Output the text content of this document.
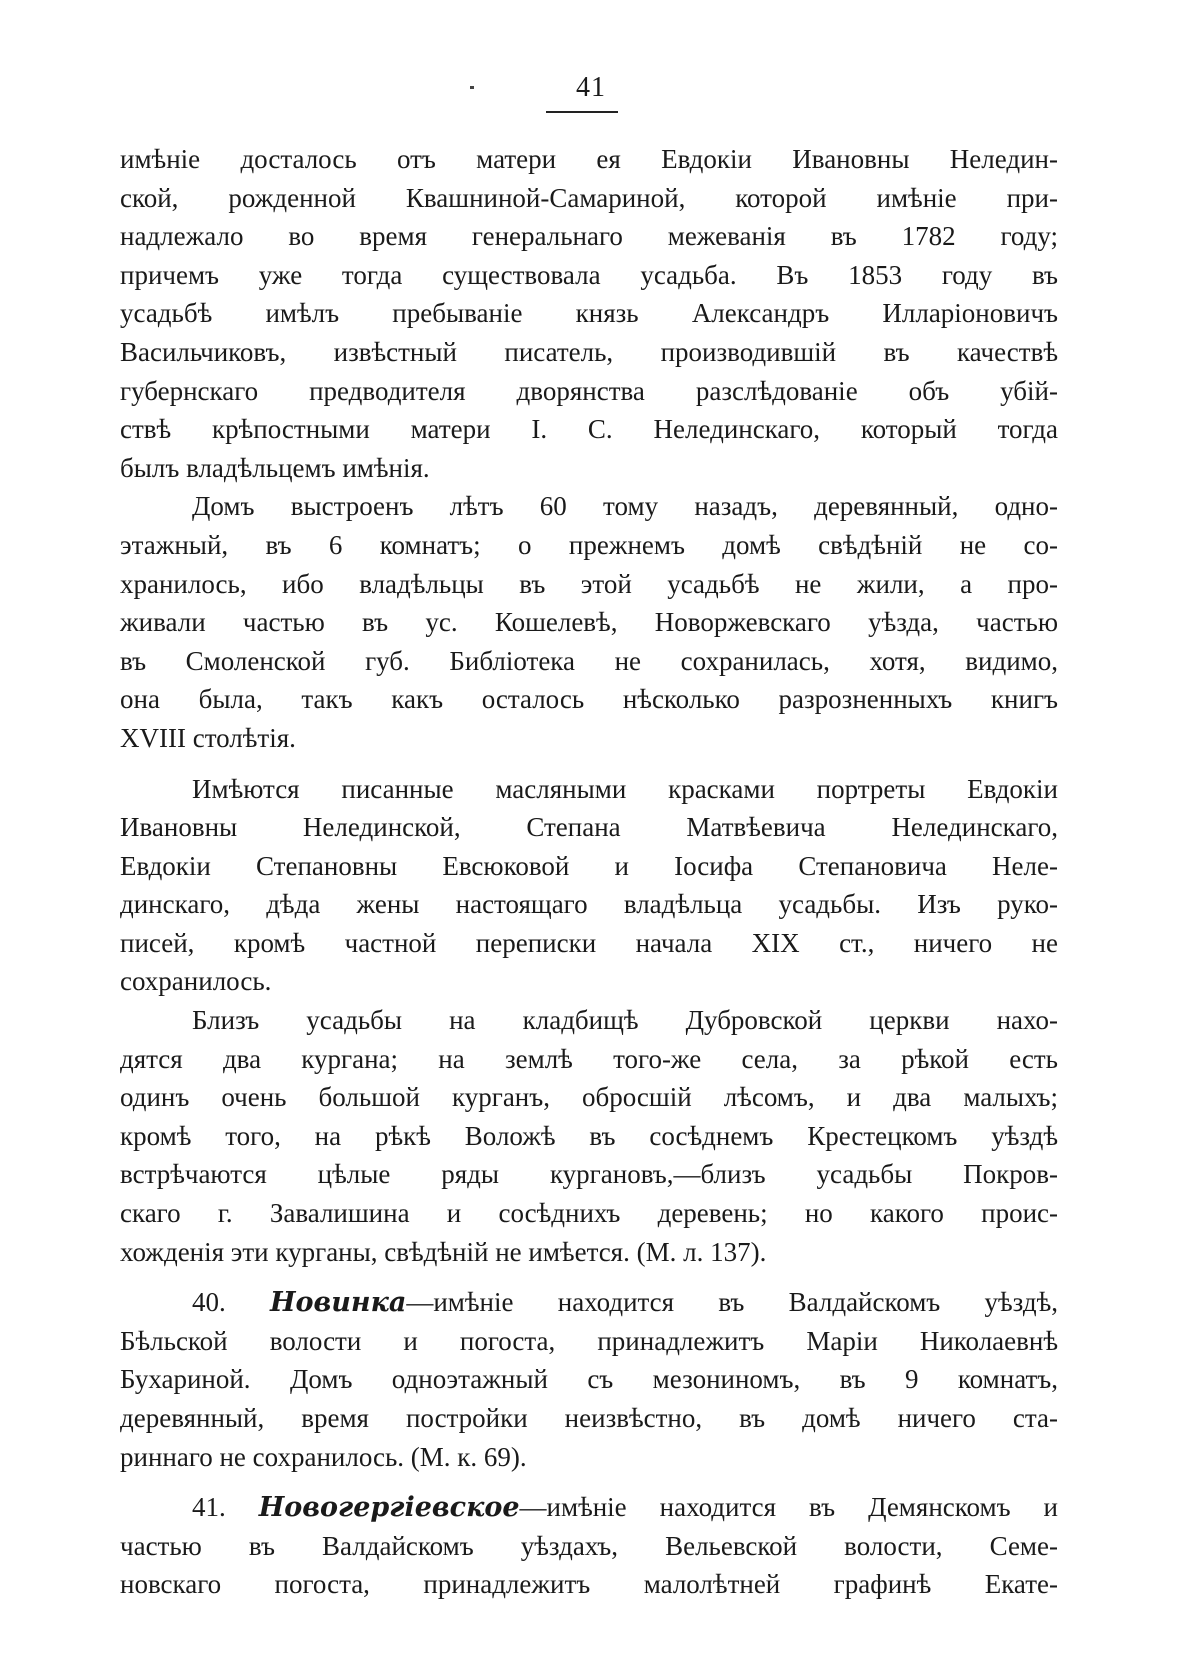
41
имѣніе досталось отъ матери ея Евдокіи Ивановны Неледин-
ской, рожденной Квашниной-Самариной, которой имѣніе при-
надлежало во время генеральнаго межеванія въ 1782 году;
причемъ уже тогда существовала усадьба. Въ 1853 году въ
усадьбѣ имѣлъ пребываніе князь Александръ Илларіоновичъ
Васильчиковъ, извѣстный писатель, производившій въ качествѣ
губернскаго предводителя дворянства разслѣдованіе объ убій-
ствѣ крѣпостными матери І. С. Нелединскаго, который тогда
былъ владѣльцемъ имѣнія.
Домъ выстроенъ лѣтъ 60 тому назадъ, деревянный, одно-
этажный, въ 6 комнатъ; о прежнемъ домѣ свѣдѣній не со-
хранилось, ибо владѣльцы въ этой усадьбѣ не жили, а про-
живали частью въ ус. Кошелевѣ, Новоржевскаго уѣзда, частью
въ Смоленской губ. Библіотека не сохранилась, хотя, видимо,
она была, такъ какъ осталось нѣсколько разрозненныхъ книгъ
XVIII столѣтія.
Имѣются писанные масляными красками портреты Евдокіи
Ивановны Нелединской, Степана Матвѣевича Нелединскаго,
Евдокіи Степановны Евсюковой и Іосифа Степановича Неле-
динскаго, дѣда жены настоящаго владѣльца усадьбы. Изъ руко-
писей, кромѣ частной переписки начала XIX ст., ничего не
сохранилось.
Близъ усадьбы на кладбищѣ Дубровской церкви нахо-
дятся два кургана; на землѣ того-же села, за рѣкой есть
одинъ очень большой курганъ, обросшій лѣсомъ, и два малыхъ;
кромѣ того, на рѣкѣ Воложѣ въ сосѣднемъ Крестецкомъ уѣздѣ
встрѣчаются цѣлые ряды кургановъ,—близъ усадьбы Покров-
скаго г. Завалишина и сосѣднихъ деревень; но какого проис-
хожденія эти курганы, свѣдѣній не имѣется. (М. л. 137).
40. Новинка—имѣніе находится въ Валдайскомъ уѣздѣ,
Бѣльской волости и погоста, принадлежитъ Маріи Николаевнѣ
Бухариной. Домъ одноэтажный съ мезониномъ, въ 9 комнатъ,
деревянный, время постройки неизвѣстно, въ домѣ ничего ста-
риннаго не сохранилось. (М. к. 69).
41. Новогергіевское—имѣніе находится въ Демянскомъ и
частью въ Валдайскомъ уѣздахъ, Вельевской волости, Семе-
новскаго погоста, принадлежитъ малолѣтней графинѣ Екате-
